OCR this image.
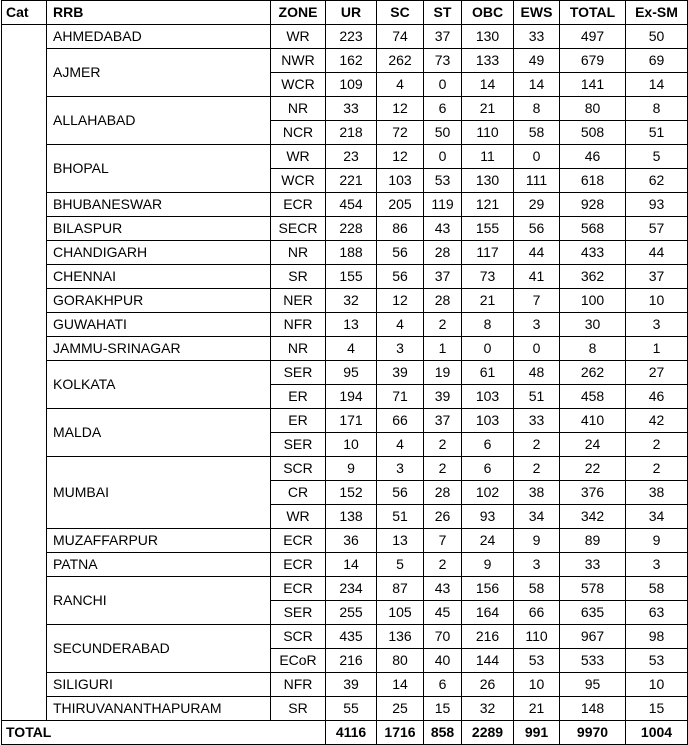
Cat	RRB	ZONE	UR	SC	ST	OBC	EWS	TOTAL	Ex-SM
	AHMEDABAD	WR	223	74	37	130	33	497	50
	AJMER	NWR	162	262	73	133	49	679	69
		WCR	109	4	0	14	14	141	14
	ALLAHABAD	NR	33	12	6	21	8	80	8
		NCR	218	72	50	110	58	508	51
	BHOPAL	WR	23	12	0	11	0	46	5
		WCR	221	103	53	130	111	618	62
	BHUBANESWAR	ECR	454	205	119	121	29	928	93
	BILASPUR	SECR	228	86	43	155	56	568	57
	CHANDIGARH	NR	188	56	28	117	44	433	44
	CHENNAI	SR	155	56	37	73	41	362	37
	GORAKHPUR	NER	32	12	28	21	7	100	10
	GUWAHATI	NFR	13	4	2	8	3	30	3
	JAMMU-SRINAGAR	NR	4	3	1	0	0	8	1
	KOLKATA	SER	95	39	19	61	48	262	27
		ER	194	71	39	103	51	458	46
	MALDA	ER	171	66	37	103	33	410	42
		SER	10	4	2	6	2	24	2
	MUMBAI	SCR	9	3	2	6	2	22	2
		CR	152	56	28	102	38	376	38
		WR	138	51	26	93	34	342	34
	MUZAFFARPUR	ECR	36	13	7	24	9	89	9
	PATNA	ECR	14	5	2	9	3	33	3
	RANCHI	ECR	234	87	43	156	58	578	58
		SER	255	105	45	164	66	635	63
	SECUNDERABAD	SCR	435	136	70	216	110	967	98
		ECoR	216	80	40	144	53	533	53
	SILIGURI	NFR	39	14	6	26	10	95	10
	THIRUVANANTHAPURAM	SR	55	25	15	32	21	148	15
TOTAL			4116	1716	858	2289	991	9970	1004
